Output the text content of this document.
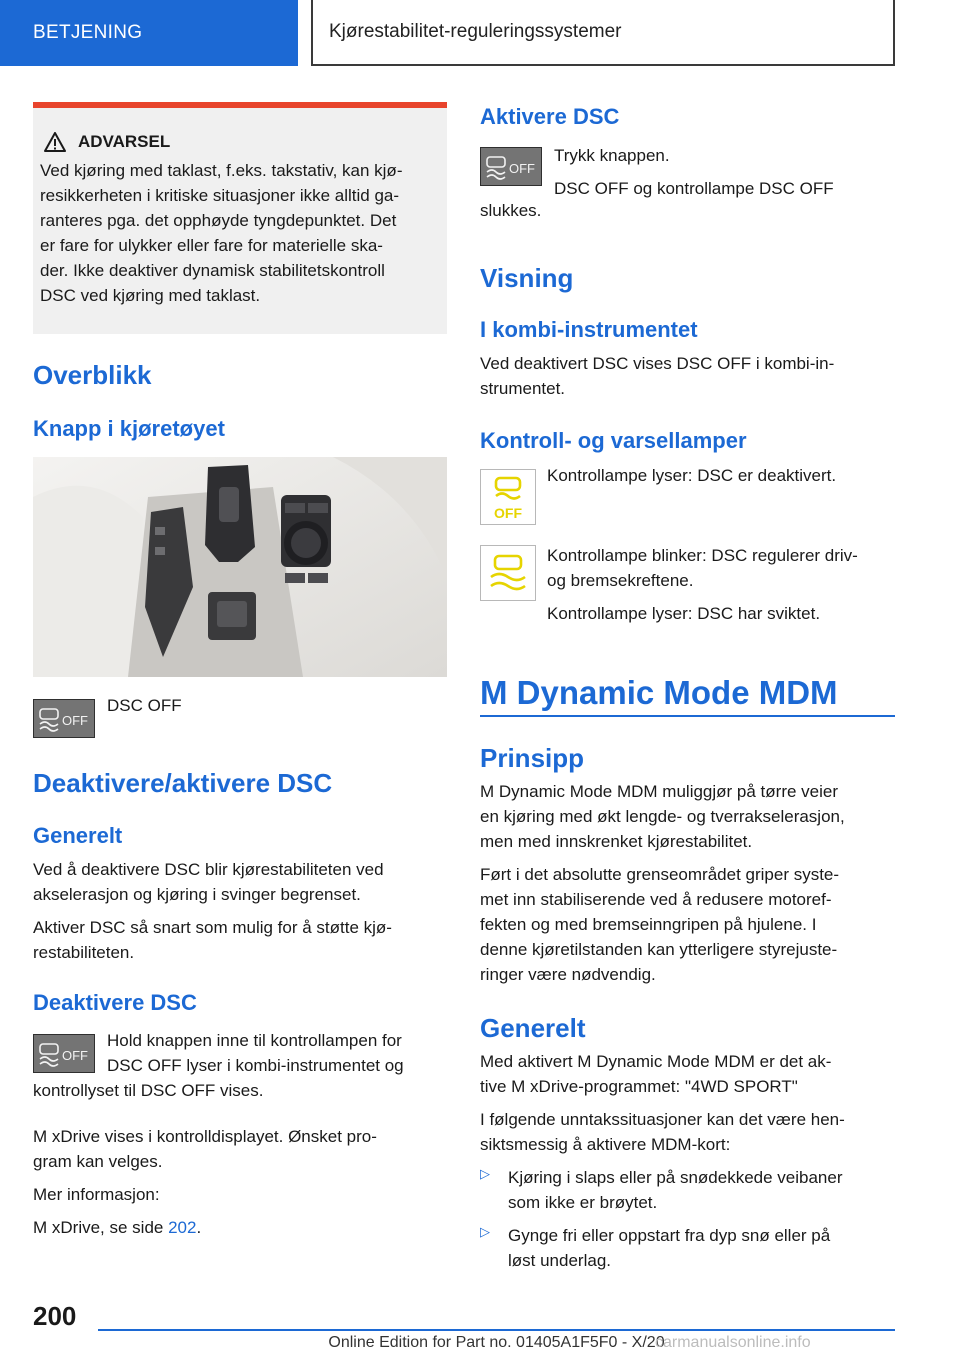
BETJENING	Kjørestabilitet-reguleringssystemer
ADVARSEL

Ved kjøring med taklast, f.eks. takstativ, kan kjø‐

resikkerheten i kritiske situasjoner ikke alltid ga‐

ranteres pga. det opphøyde tyngdepunktet. Det

er fare for ulykker eller fare for materielle ska‐

der. Ikke deaktiver dynamisk stabilitetskontroll

DSC ved kjøring med taklast.

Overblikk
Knapp i kjøretøyet
OFF
DSC OFF
Deaktivere/aktivere DSC
Generelt

Ved å deaktivere DSC blir kjørestabiliteten ved

akselerasjon og kjøring i svinger begrenset.

Aktiver DSC så snart som mulig for å støtte kjø‐

restabiliteten.

Deaktivere DSC
OFF

Hold knappen inne til kontrollampen for

DSC OFF lyser i kombi-instrumentet og

kontrollyset til DSC OFF vises.

M xDrive vises i kontrolldisplayet. Ønsket pro‐

gram kan velges.

Mer informasjon:

M xDrive, se side 202.

Aktivere DSC
OFF

Trykk knappen.

DSC OFF og kontrollampe DSC OFF

slukkes.
Visning
I kombi-instrumentet

Ved deaktivert DSC vises DSC OFF i kombi-in‐

strumentet.

Kontroll- og varsellamper
OFF
Kontrollampe lyser: DSC er deaktivert.

Kontrollampe blinker: DSC regulerer driv-

og bremsekreftene.

Kontrollampe lyser: DSC har sviktet.

M Dynamic Mode MDM
Prinsipp

M Dynamic Mode MDM muliggjør på tørre veier

en kjøring med økt lengde- og tverrakselerasjon,

men med innskrenket kjørestabilitet.

Ført i det absolutte grenseområdet griper syste‐

met inn stabiliserende ved å redusere motoref‐

fekten og med bremseinngripen på hjulene. I

denne kjøretilstanden kan ytterligere styrejuste‐

ringer være nødvendig.

Generelt

Med aktivert M Dynamic Mode MDM er det ak‐

tive M xDrive-programmet: "4WD SPORT"

I følgende unntakssituasjoner kan det være hen‐

siktsmessig å aktivere MDM-kort:

▷	Kjøring i slaps eller på snødekkede veibaner

som ikke er brøytet.

▷	Gynge fri eller oppstart fra dyp snø eller på

løst underlag.

200
Online Edition for Part no. 01405A1F5F0 - X/20
carmanualsonline.info
